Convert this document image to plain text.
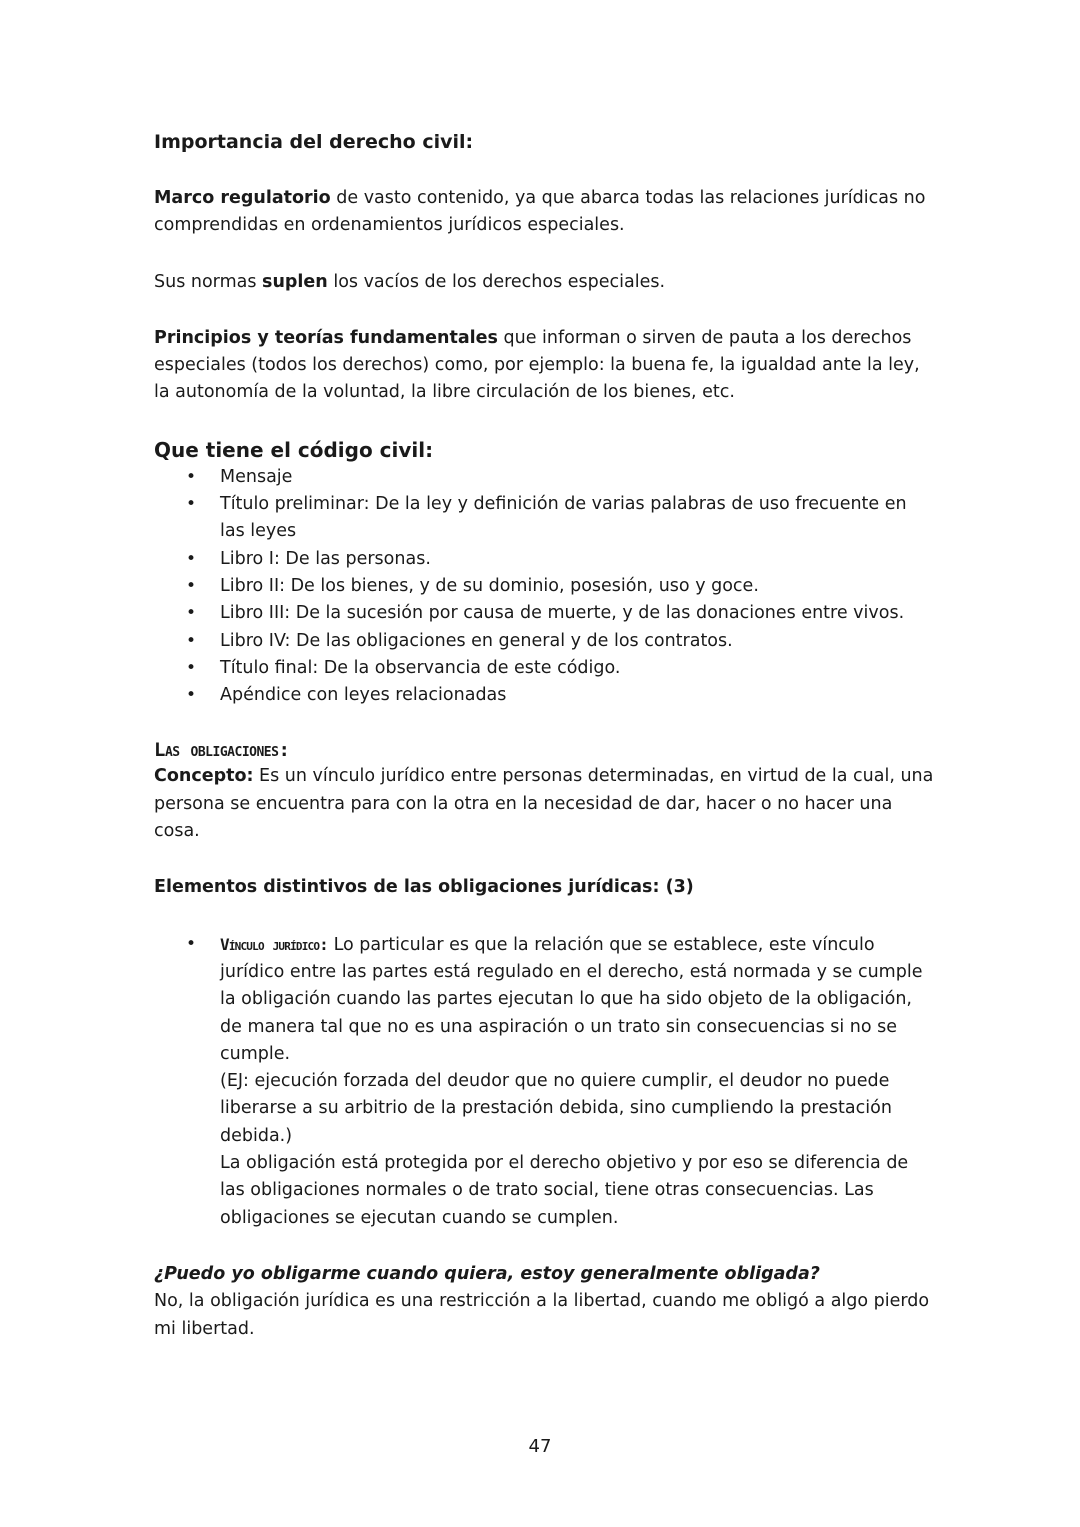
Importancia del derecho civil:

Marco regulatorio de vasto contenido, ya que abarca todas las relaciones jurídicas no comprendidas en ordenamientos jurídicos especiales.

Sus normas suplen los vacíos de los derechos especiales.

Principios y teorías fundamentales que informan o sirven de pauta a los derechos especiales (todos los derechos) como, por ejemplo: la buena fe, la igualdad ante la ley, la autonomía de la voluntad, la libre circulación de los bienes, etc.

Que tiene el código civil:
• Mensaje
• Título preliminar: De la ley y definición de varias palabras de uso frecuente en las leyes
• Libro I: De las personas.
• Libro II: De los bienes, y de su dominio, posesión, uso y goce.
• Libro III: De la sucesión por causa de muerte, y de las donaciones entre vivos.
• Libro IV: De las obligaciones en general y de los contratos.
• Título final: De la observancia de este código.
• Apéndice con leyes relacionadas
Las obligaciones:

Concepto: Es un vínculo jurídico entre personas determinadas, en virtud de la cual, una persona se encuentra para con la otra en la necesidad de dar, hacer o no hacer una cosa.

Elementos distintivos de las obligaciones jurídicas: (3)

• Vínculo jurídico: Lo particular es que la relación que se establece, este vínculo jurídico entre las partes está regulado en el derecho, está normada y se cumple la obligación cuando las partes ejecutan lo que ha sido objeto de la obligación, de manera tal que no es una aspiración o un trato sin consecuencias si no se cumple.
(EJ: ejecución forzada del deudor que no quiere cumplir, el deudor no puede liberarse a su arbitrio de la prestación debida, sino cumpliendo la prestación debida.)
La obligación está protegida por el derecho objetivo y por eso se diferencia de las obligaciones normales o de trato social, tiene otras consecuencias. Las obligaciones se ejecutan cuando se cumplen.

¿Puedo yo obligarme cuando quiera, estoy generalmente obligada?

No, la obligación jurídica es una restricción a la libertad, cuando me obligó a algo pierdo mi libertad.

47
